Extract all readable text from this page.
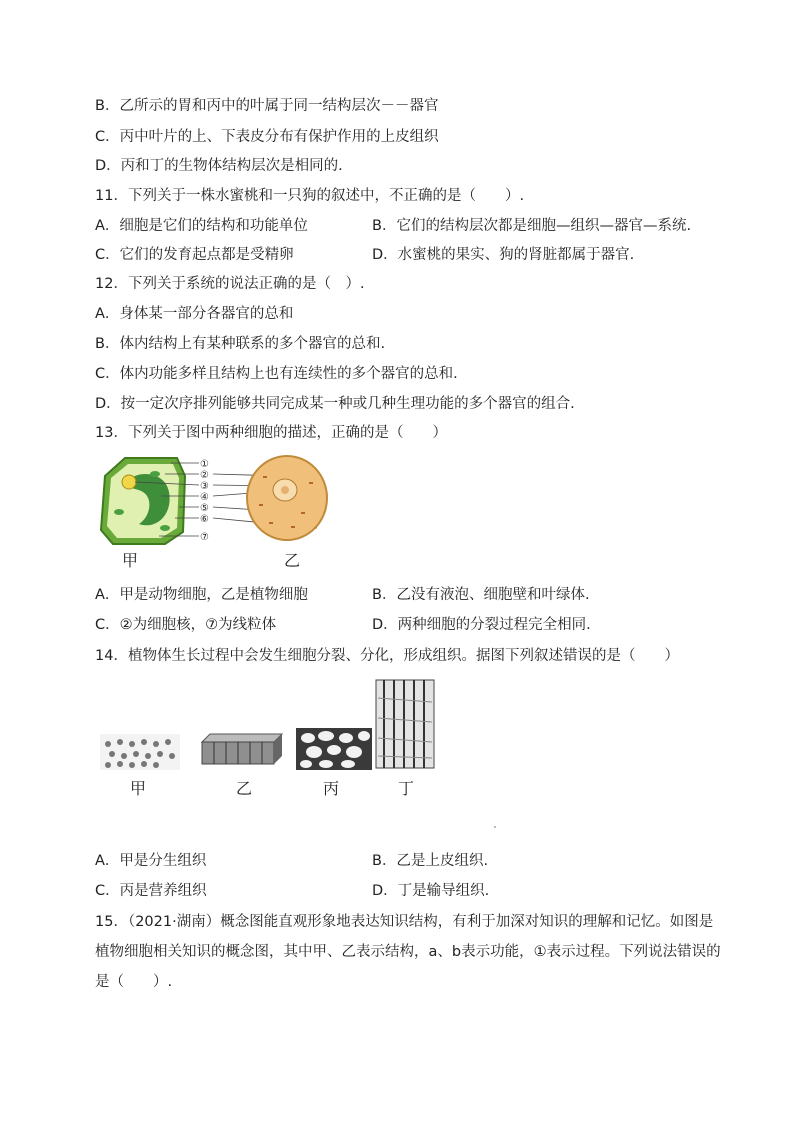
B．乙所示的胃和丙中的叶属于同一结构层次－－器官
C．丙中叶片的上、下表皮分布有保护作用的上皮组织
D．丙和丁的生物体结构层次是相同的.
11．下列关于一株水蜜桃和一只狗的叙述中，不正确的是（　　）.
A．细胞是它们的结构和功能单位	B．它们的结构层次都是细胞—组织—器官—系统.
C．它们的发育起点都是受精卵	D．水蜜桃的果实、狗的肾脏都属于器官.
12．下列关于系统的说法正确的是（　）.
A．身体某一部分各器官的总和
B．体内结构上有某种联系的多个器官的总和.
C．体内功能多样且结构上也有连续性的多个器官的总和.
D．按一定次序排列能够共同完成某一种或几种生理功能的多个器官的组合.
13．下列关于图中两种细胞的描述，正确的是（　　）
①
②
③
④
⑤
⑥
⑦
甲	乙
A．甲是动物细胞，乙是植物细胞	B．乙没有液泡、细胞壁和叶绿体.
C．②为细胞核，⑦为线粒体	D．两种细胞的分裂过程完全相同.
14．植物体生长过程中会发生细胞分裂、分化，形成组织。据图下列叙述错误的是（　　）
甲	乙	丙	丁
A．甲是分生组织	B．乙是上皮组织.
C．丙是营养组织	D．丁是输导组织.
15．（2021·湖南）概念图能直观形象地表达知识结构，有利于加深对知识的理解和记忆。如图是
植物细胞相关知识的概念图，其中甲、乙表示结构，a、b表示功能，①表示过程。下列说法错误的
是（　　）.
